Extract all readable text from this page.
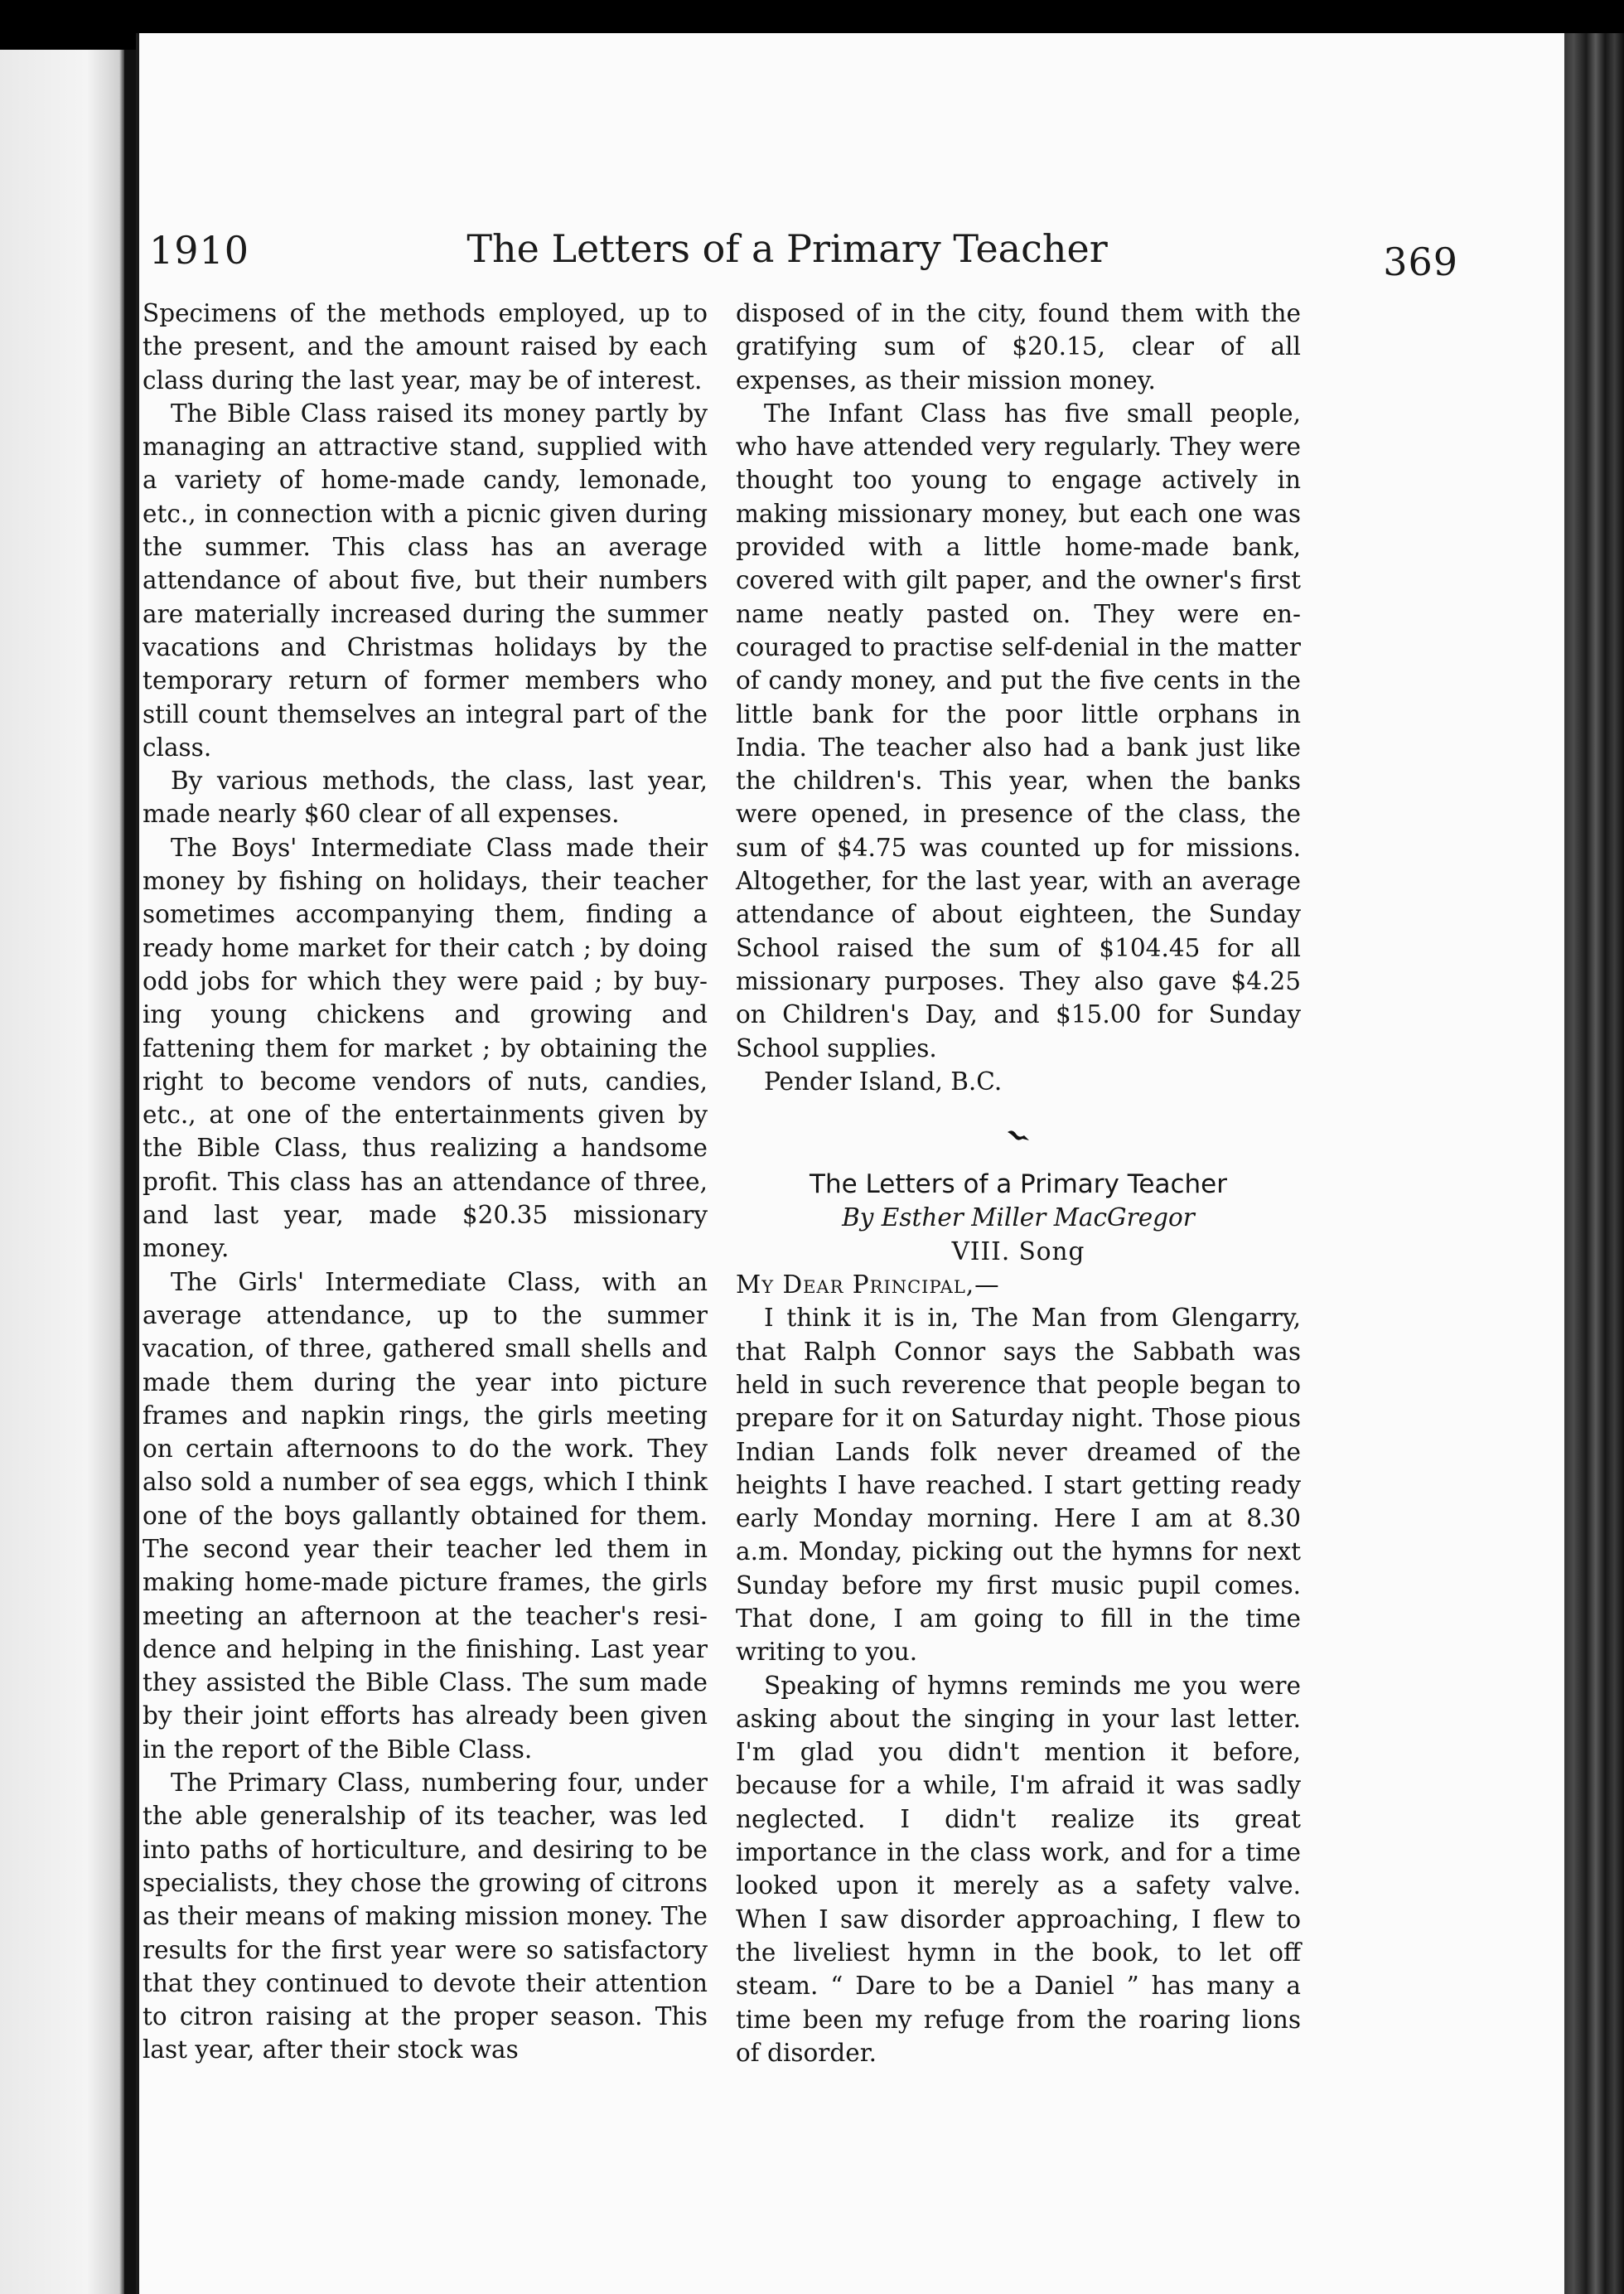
1910	The Letters of a Primary Teacher	369

Specimens of the methods employed, up to the present, and the amount raised by each class during the last year, may be of interest.

The Bible Class raised its money partly by managing an attractive stand, supplied with a variety of home-made candy, lemonade, etc., in connection with a picnic given during the summer. This class has an average attendance of about five, but their numbers are materially increased during the summer vacations and Christmas holidays by the temporary return of former members who still count themselves an integral part of the class.

By various methods, the class, last year, made nearly $60 clear of all expenses.

The Boys' Intermediate Class made their money by fishing on holidays, their teacher sometimes accompanying them, finding a ready home market for their catch ; by doing odd jobs for which they were paid ; by buying young chickens and growing and fattening them for market ; by obtaining the right to become vendors of nuts, candies, etc., at one of the entertainments given by the Bible Class, thus realizing a handsome profit. This class has an attendance of three, and last year, made $20.35 missionary money.

The Girls' Intermediate Class, with an average attendance, up to the summer vacation, of three, gathered small shells and made them during the year into picture frames and napkin rings, the girls meeting on certain afternoons to do the work. They also sold a number of sea eggs, which I think one of the boys gallantly obtained for them. The second year their teacher led them in making home-made picture frames, the girls meeting an afternoon at the teacher's residence and helping in the finishing. Last year they assisted the Bible Class. The sum made by their joint efforts has already been given in the report of the Bible Class.

The Primary Class, numbering four, under the able generalship of its teacher, was led into paths of horticulture, and desiring to be specialists, they chose the growing of citrons as their means of making mission money. The results for the first year were so satisfactory that they continued to devote their attention to citron raising at the proper season. This last year, after their stock was

disposed of in the city, found them with the gratifying sum of $20.15, clear of all expenses, as their mission money.

The Infant Class has five small people, who have attended very regularly. They were thought too young to engage actively in making missionary money, but each one was provided with a little home-made bank, covered with gilt paper, and the owner's first name neatly pasted on. They were encouraged to practise self-denial in the matter of candy money, and put the five cents in the little bank for the poor little orphans in India. The teacher also had a bank just like the children's. This year, when the banks were opened, in presence of the class, the sum of $4.75 was counted up for missions. Altogether, for the last year, with an average attendance of about eighteen, the Sunday School raised the sum of $104.45 for all missionary purposes. They also gave $4.25 on Children's Day, and $15.00 for Sunday School supplies.

Pender Island, B.C.

The Letters of a Primary Teacher

By Esther Miller MacGregor

VIII. Song

My Dear Principal,—

I think it is in, The Man from Glengarry, that Ralph Connor says the Sabbath was held in such reverence that people began to prepare for it on Saturday night. Those pious Indian Lands folk never dreamed of the heights I have reached. I start getting ready early Monday morning. Here I am at 8.30 a.m. Monday, picking out the hymns for next Sunday before my first music pupil comes. That done, I am going to fill in the time writing to you.

Speaking of hymns reminds me you were asking about the singing in your last letter. I'm glad you didn't mention it before, because for a while, I'm afraid it was sadly neglected. I didn't realize its great importance in the class work, and for a time looked upon it merely as a safety valve. When I saw disorder approaching, I flew to the liveliest hymn in the book, to let off steam. “ Dare to be a Daniel ” has many a time been my refuge from the roaring lions of disorder.
